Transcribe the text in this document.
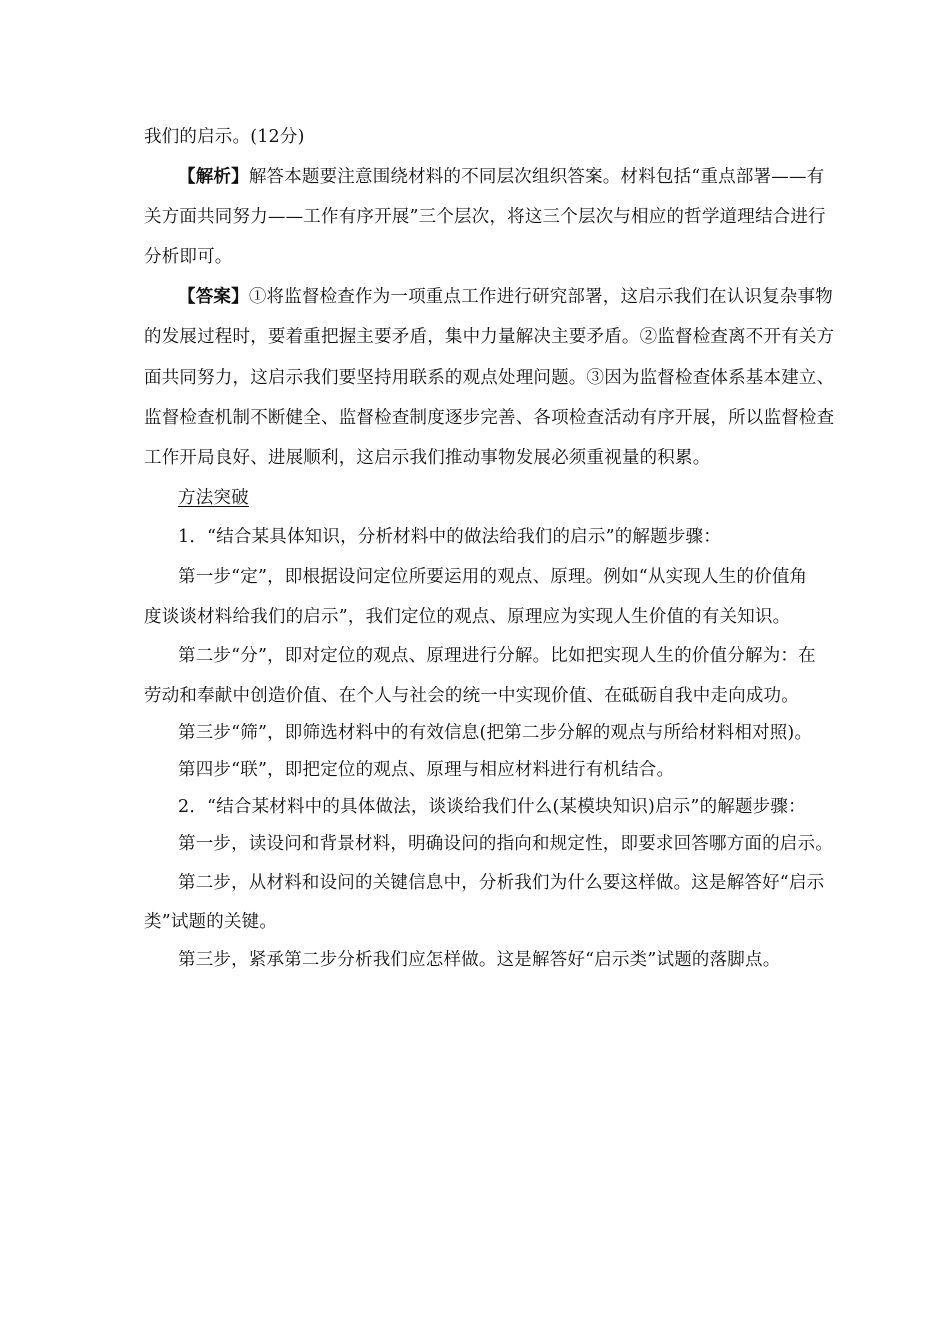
我们的启示。(12分)
【解析】解答本题要注意围绕材料的不同层次组织答案。材料包括“重点部署——有
关方面共同努力——工作有序开展”三个层次，将这三个层次与相应的哲学道理结合进行
分析即可。
【答案】①将监督检查作为一项重点工作进行研究部署，这启示我们在认识复杂事物
的发展过程时，要着重把握主要矛盾，集中力量解决主要矛盾。②监督检查离不开有关方
面共同努力，这启示我们要坚持用联系的观点处理问题。③因为监督检查体系基本建立、
监督检查机制不断健全、监督检查制度逐步完善、各项检查活动有序开展，所以监督检查
工作开局良好、进展顺利，这启示我们推动事物发展必须重视量的积累。
方法突破
1．“结合某具体知识，分析材料中的做法给我们的启示”的解题步骤：
第一步“定”，即根据设问定位所要运用的观点、原理。例如“从实现人生的价值角
度谈谈材料给我们的启示”，我们定位的观点、原理应为实现人生价值的有关知识。
第二步“分”，即对定位的观点、原理进行分解。比如把实现人生的价值分解为：在
劳动和奉献中创造价值、在个人与社会的统一中实现价值、在砥砺自我中走向成功。
第三步“筛”，即筛选材料中的有效信息(把第二步分解的观点与所给材料相对照)。
第四步“联”，即把定位的观点、原理与相应材料进行有机结合。
2．“结合某材料中的具体做法，谈谈给我们什么(某模块知识)启示”的解题步骤：
第一步，读设问和背景材料，明确设问的指向和规定性，即要求回答哪方面的启示。
第二步，从材料和设问的关键信息中，分析我们为什么要这样做。这是解答好“启示
类”试题的关键。
第三步，紧承第二步分析我们应怎样做。这是解答好“启示类”试题的落脚点。
